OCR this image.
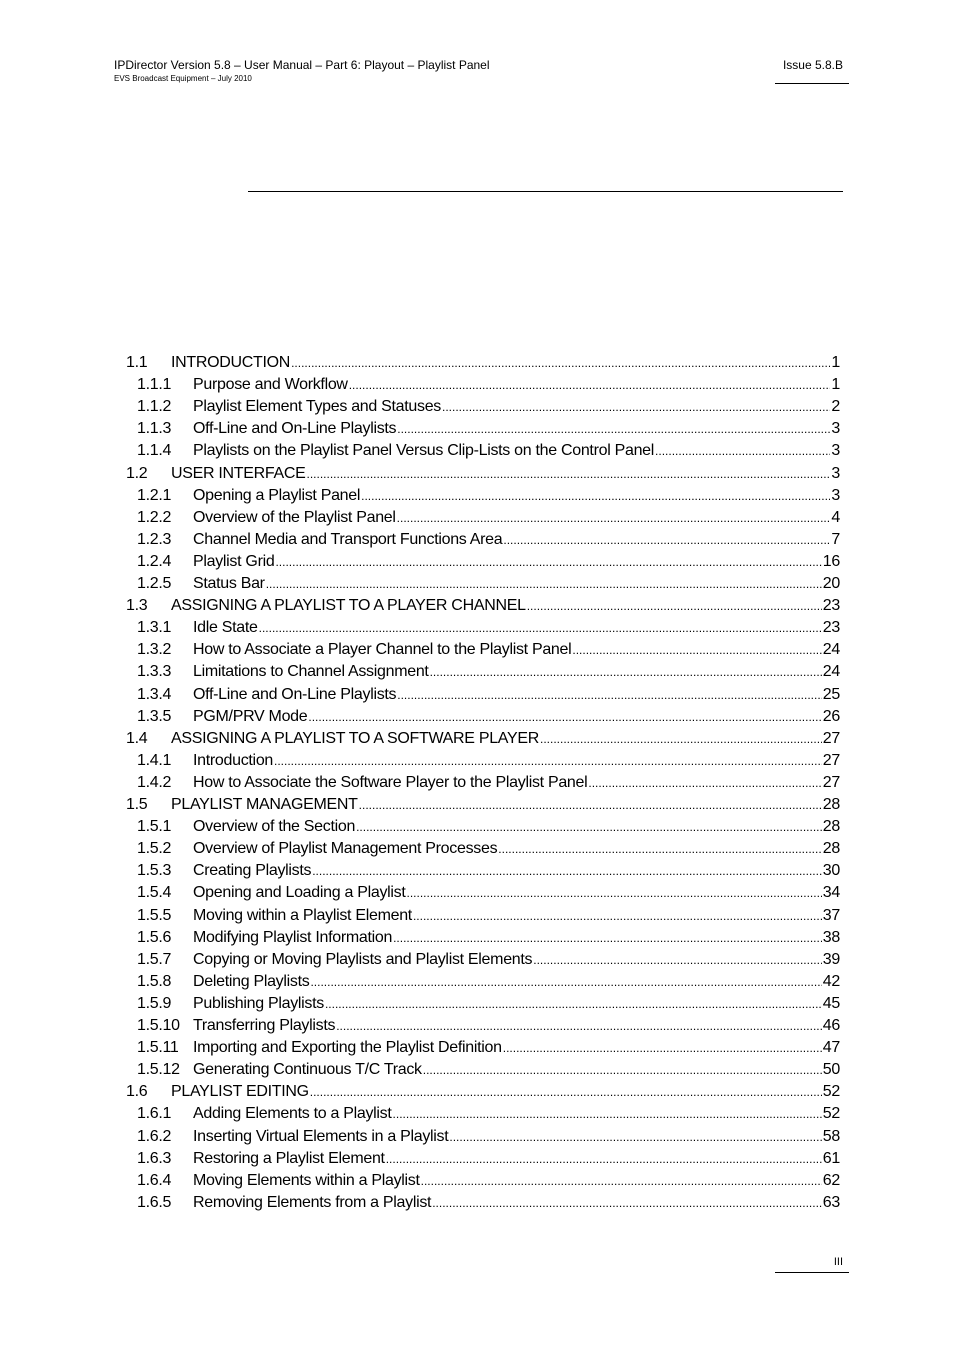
IPDirector Version 5.8 – User Manual – Part 6: Playout – Playlist Panel
EVS Broadcast Equipment – July 2010
Issue 5.8.B
1.1 INTRODUCTION .....	1
1.1.1 Purpose and Workflow .....	1
1.1.2 Playlist Element Types and Statuses .....	2
1.1.3 Off-Line and On-Line Playlists .....	3
1.1.4 Playlists on the Playlist Panel Versus Clip-Lists on the Control Panel .....	3
1.2 USER INTERFACE .....	3
1.2.1 Opening a Playlist Panel .....	3
1.2.2 Overview of the Playlist Panel .....	4
1.2.3 Channel Media and Transport Functions Area .....	7
1.2.4 Playlist Grid .....	16
1.2.5 Status Bar .....	20
1.3 ASSIGNING A PLAYLIST TO A PLAYER CHANNEL .....	23
1.3.1 Idle State .....	23
1.3.2 How to Associate a Player Channel to the Playlist Panel .....	24
1.3.3 Limitations to Channel Assignment .....	24
1.3.4 Off-Line and On-Line Playlists .....	25
1.3.5 PGM/PRV Mode .....	26
1.4 ASSIGNING A PLAYLIST TO A SOFTWARE PLAYER .....	27
1.4.1 Introduction .....	27
1.4.2 How to Associate the Software Player to the Playlist Panel .....	27
1.5 PLAYLIST MANAGEMENT .....	28
1.5.1 Overview of the Section .....	28
1.5.2 Overview of Playlist Management Processes .....	28
1.5.3 Creating Playlists .....	30
1.5.4 Opening and Loading a Playlist .....	34
1.5.5 Moving within a Playlist Element .....	37
1.5.6 Modifying Playlist Information .....	38
1.5.7 Copying or Moving Playlists and Playlist Elements .....	39
1.5.8 Deleting Playlists .....	42
1.5.9 Publishing Playlists .....	45
1.5.10 Transferring Playlists .....	46
1.5.11 Importing and Exporting the Playlist Definition .....	47
1.5.12 Generating Continuous T/C Track .....	50
1.6 PLAYLIST EDITING .....	52
1.6.1 Adding Elements to a Playlist .....	52
1.6.2 Inserting Virtual Elements in a Playlist .....	58
1.6.3 Restoring a Playlist Element .....	61
1.6.4 Moving Elements within a Playlist .....	62
1.6.5 Removing Elements from a Playlist .....	63
III
